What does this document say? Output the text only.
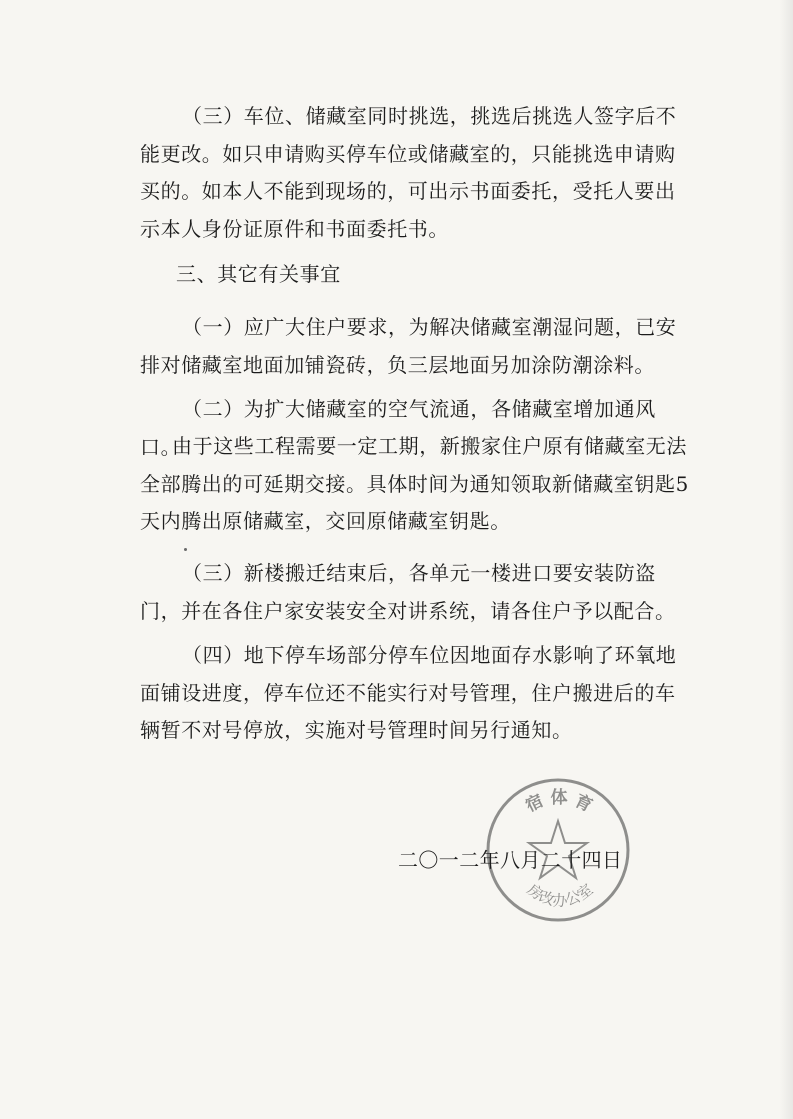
（三）车位、储藏室同时挑选，挑选后挑选人签字后不能更改。如只申请购买停车位或储藏室的，只能挑选申请购买的。如本人不能到现场的，可出示书面委托，受托人要出示本人身份证原件和书面委托书。

三、其它有关事宜

（一）应广大住户要求，为解决储藏室潮湿问题，已安排对储藏室地面加铺瓷砖，负三层地面另加涂防潮涂料。

（二）为扩大储藏室的空气流通，各储藏室增加通风口。

由于这些工程需要一定工期，新搬家住户原有储藏室无法全部腾出的可延期交接。具体时间为通知领取新储藏室钥匙5天内腾出原储藏室，交回原储藏室钥匙。

（三）新楼搬迁结束后，各单元一楼进口要安装防盗门，并在各住户家安装安全对讲系统，请各住户予以配合。

（四）地下停车场部分停车位因地面存水影响了环氧地面铺设进度，停车位还不能实行对号管理，住户搬进后的车辆暂不对号停放，实施对号管理时间另行通知。

宿 体 育
房改办公室
二〇一二年八月二十四日
